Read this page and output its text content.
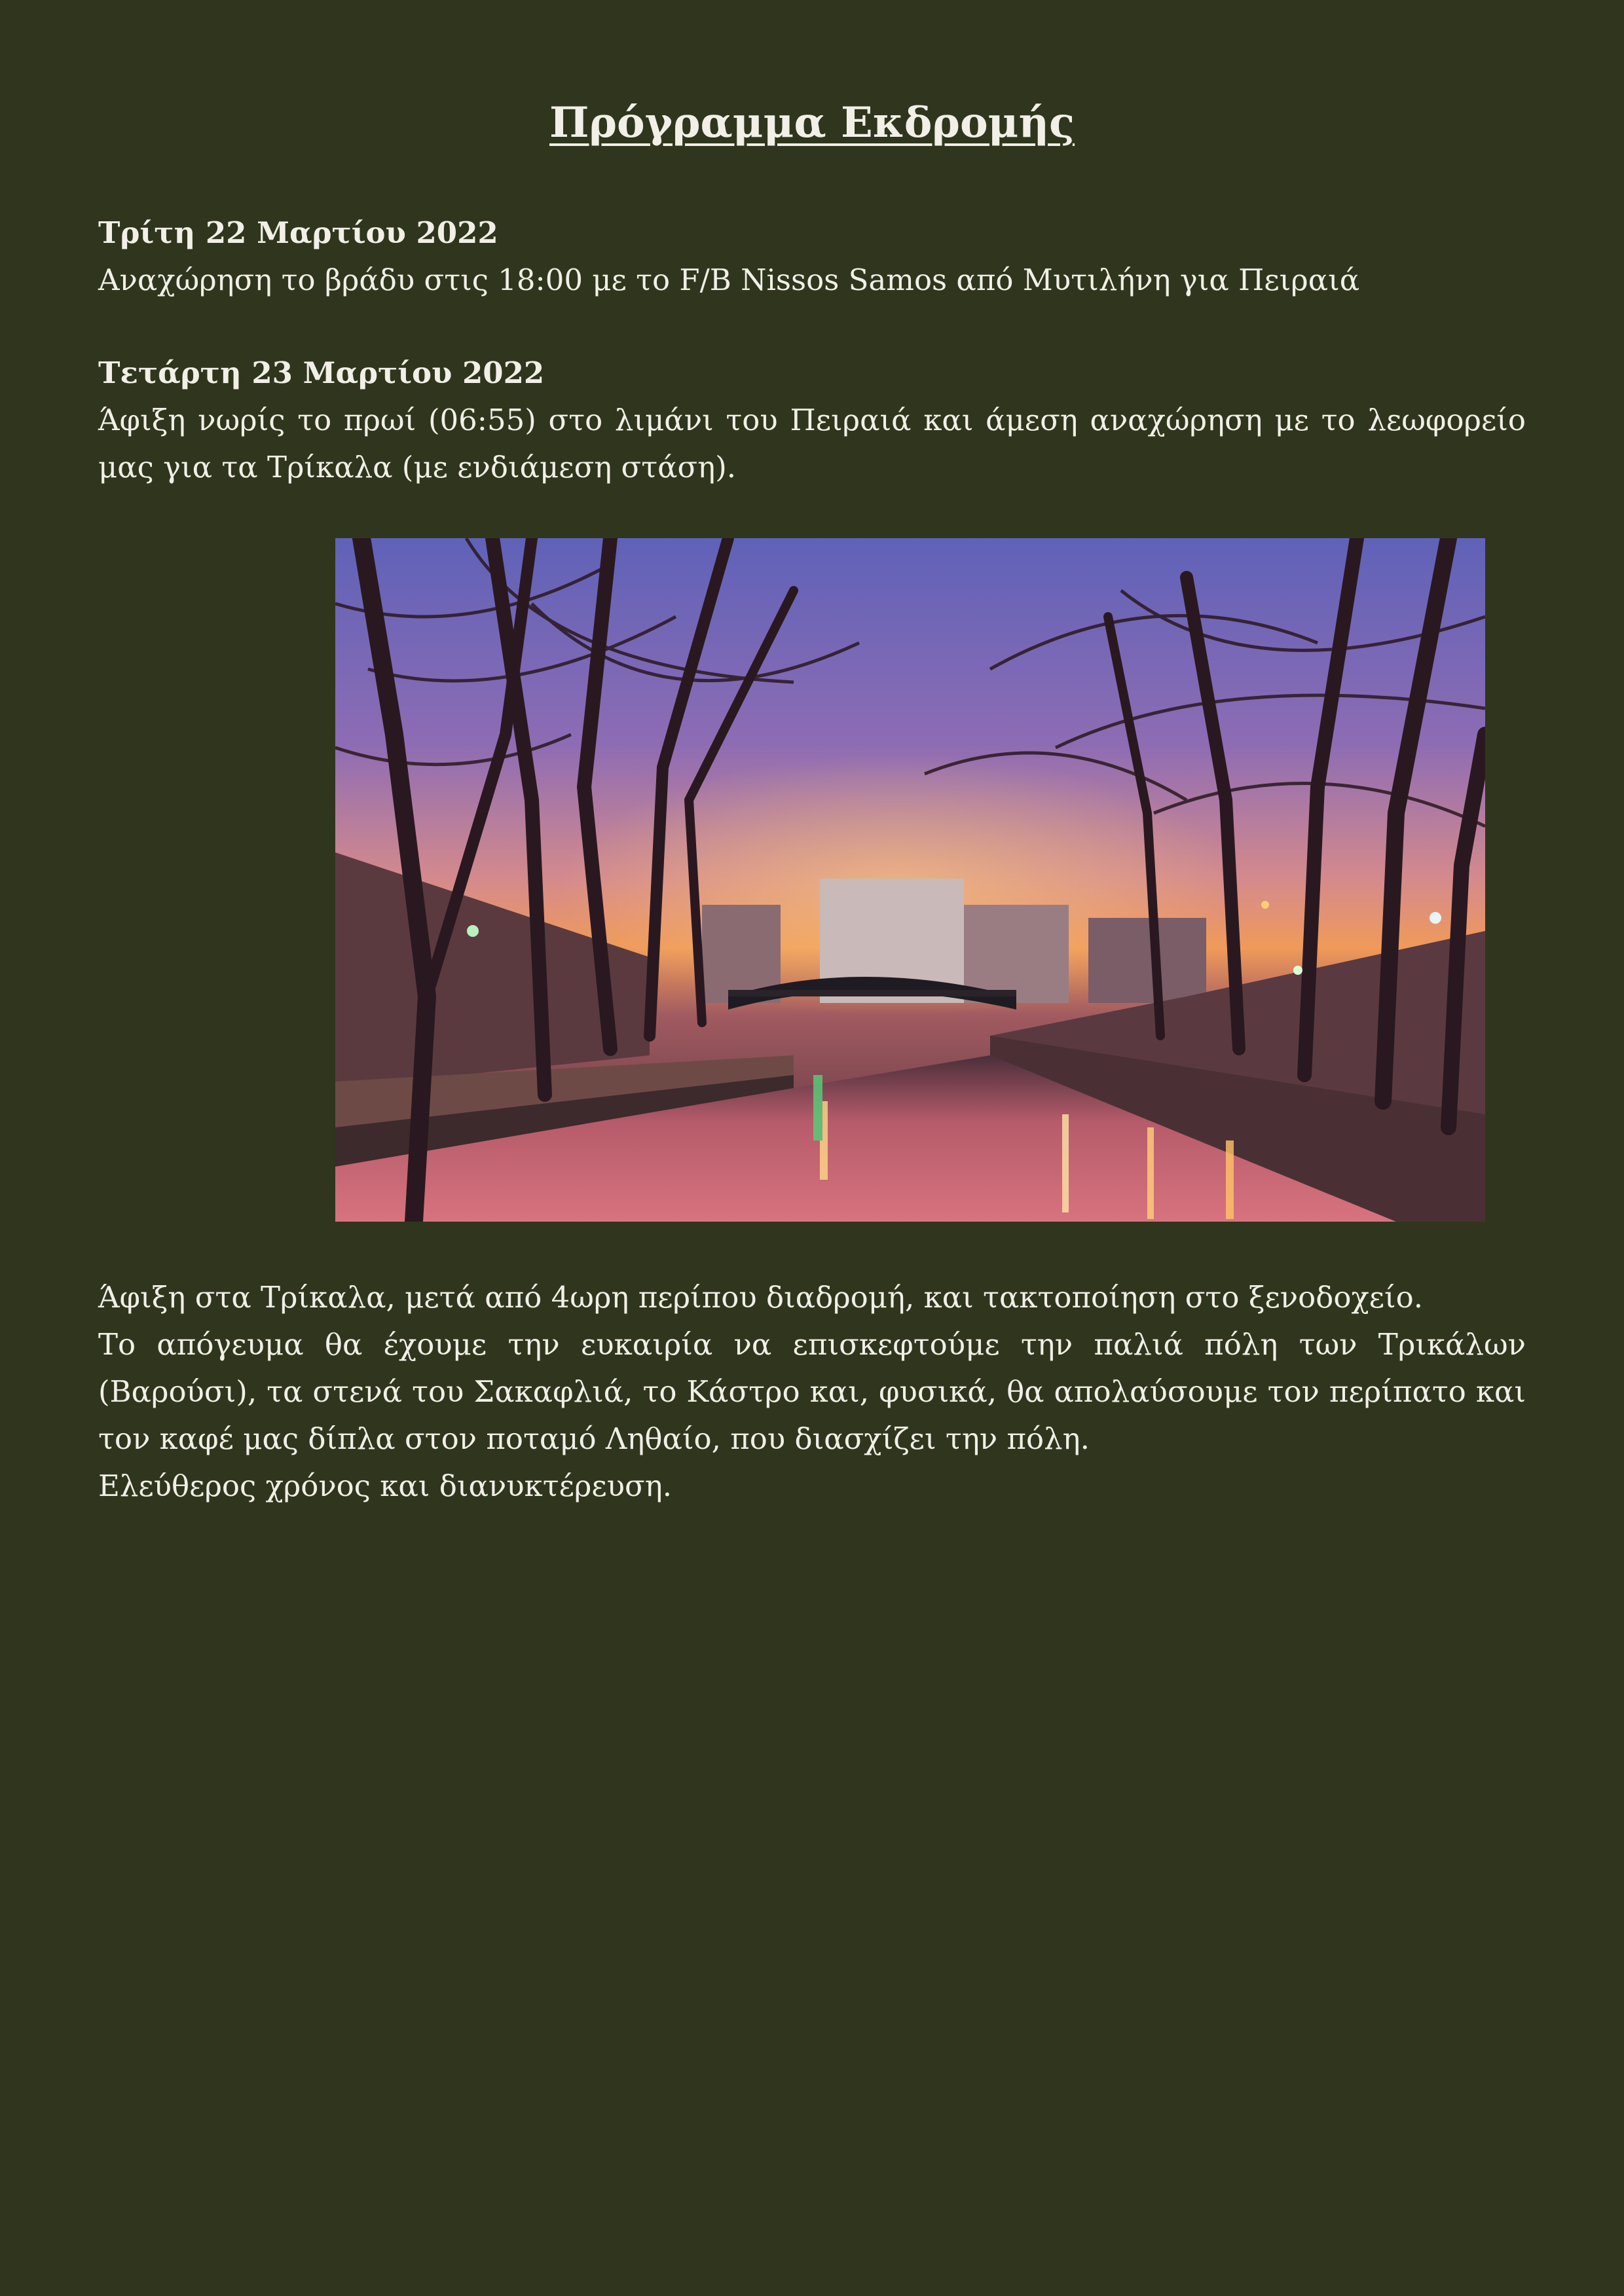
Πρόγραμμα Εκδρομής

Τρίτη 22 Μαρτίου 2022

Αναχώρηση το βράδυ στις 18:00 με το F/B Nissos Samos από Μυτιλήνη για Πειραιά

Τετάρτη 23 Μαρτίου 2022

Άφιξη νωρίς το πρωί (06:55) στο λιμάνι του Πειραιά και άμεση αναχώρηση με το λεωφορείο μας για τα Τρίκαλα (με ενδιάμεση στάση).

Άφιξη στα Τρίκαλα, μετά από 4ωρη περίπου διαδρομή, και τακτοποίηση στο ξενοδοχείο.

Το απόγευμα θα έχουμε την ευκαιρία να επισκεφτούμε την παλιά πόλη των Τρικάλων (Βαρούσι), τα στενά του Σακαφλιά, το Κάστρο και, φυσικά, θα απολαύσουμε τον περίπατο και τον καφέ μας δίπλα στον ποταμό Ληθαίο, που διασχίζει την πόλη.

Ελεύθερος χρόνος και διανυκτέρευση.
